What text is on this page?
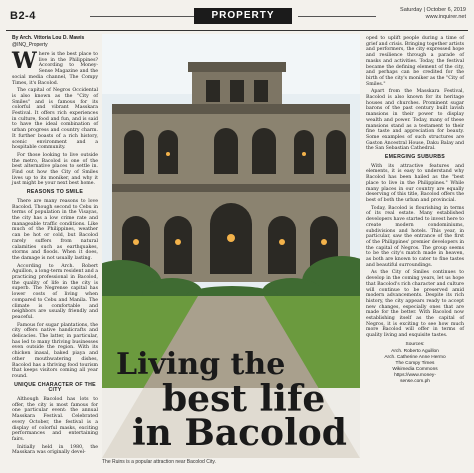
B2-4	PROPERTY	Saturday | October 6, 2019
www.inquirer.net
By Arch. Vittoria Lou D. Mawis
@INQ_Property

Where is the best place to live in the Philippines? According to Money-Sense Magazine and the social media channel, The Compy Times, it's Bacolod.

The capital of Negros Occidental is also known as the "City of Smiles" and is famous for its colorful and vibrant Masskara Festival. It offers rich experiences in culture, food and fun, and is said to have the ideal combination of urban progress and country charm. It further boasts of a rich history, scenic environment and a hospitable community.

For those looking to live outside the metro, Bacolod is one of the best alternative places to settle in. Find out how the City of Smiles lives up to its moniker, and why it just might be your next best home.

REASONS TO SMILE

There are many reasons to love Bacolod. Though second to Cebu in terms of population in the Visayas, the city has a low crime rate and manageable traffic conditions. Like much of the Philippines, weather can be hot or cold, but Bacolod rarely suffers from natural calamities such as earthquakes, storms and floods. When it does, the damage is not usually lasting.

According to Arch. Robert Aguillon, a long-term resident and a practicing professional in Bacolod, the quality of life in the city is superb. The Negrense capital has lower costs of living when compared to Cebu and Manila. The climate is comfortable and neighbors are usually friendly and peaceful.

Famous for sugar plantations, the city offers native handicrafts and delicacies. The latter, in particular, has led to many thriving businesses even outside the region. With its chicken inasal, baked piaya and other mouthwatering dishes, Bacolod has a thriving food tourism that keeps visitors coming all year round.

UNIQUE CHARACTER OF THE CITY

Although Bacolod has lots to offer, the city is most famous for one particular event: the annual Masskara Festival. Celebrated every October, the festival is a display of colorful masks, exciting performances and entertaining fairs.

Initially held in 1980, the Masskara was originally devel-

The Ruins is a popular attraction near Bacolod City.
Living the
best life
in Bacolod

oped to uplift people during a time of grief and crisis. Bringing together artists and performers, the city expressed hope and resilience through a parade of masks and activities. Today, the festival became the defining element of the city, and perhaps can be credited for the birth of the city's moniker as the "City of Smiles."

Apart from the Masskara Festival, Bacolod is also known for its heritage houses and churches. Prominent sugar barons of the past century built lavish mansions in their power to display wealth and power. Today, many of these mansions stand as a testament to their fine taste and appreciation for beauty. Some examples of such structures are Gaston Ancestral House, Daku Balay and the San Sebastian Cathedral.

EMERGING SUBURBS

With its attractive features and elements, it is easy to understand why Bacolod has been hailed as the "best place to live in the Philippines." While many places in our country are equally deserving of this title, Bacolod offers the best of both the urban and provincial.

Today, Bacolod is flourishing in terms of its real estate. Many established developers have started to invest here to create modern condominiums, subdivisions and hotels. This year, in particular, saw the entrance of the first of the Philippines' premier developers in the capital of Negros. The group seems to be the city's match made in heaven, as both are known to cater to fine tastes and beautiful surroundings.

As the City of Smiles continues to develop in the coming years, let us hope that Bacolod's rich character and culture will continue to be preserved amid modern advancements. Despite its rich history, the city appears ready to accept new changes, especially ones that are made for the better. With Bacolod now establishing itself as the capital of Negros, it is exciting to see how much more Bacolod will offer in terms of quality living and exquisite tastes.

Sources:
Arch. Roberto Aguillon
Arch. Catherine Anne Hermo
The Compy Times
Wikimedia Commons
https://www.money-
sense.com.ph
